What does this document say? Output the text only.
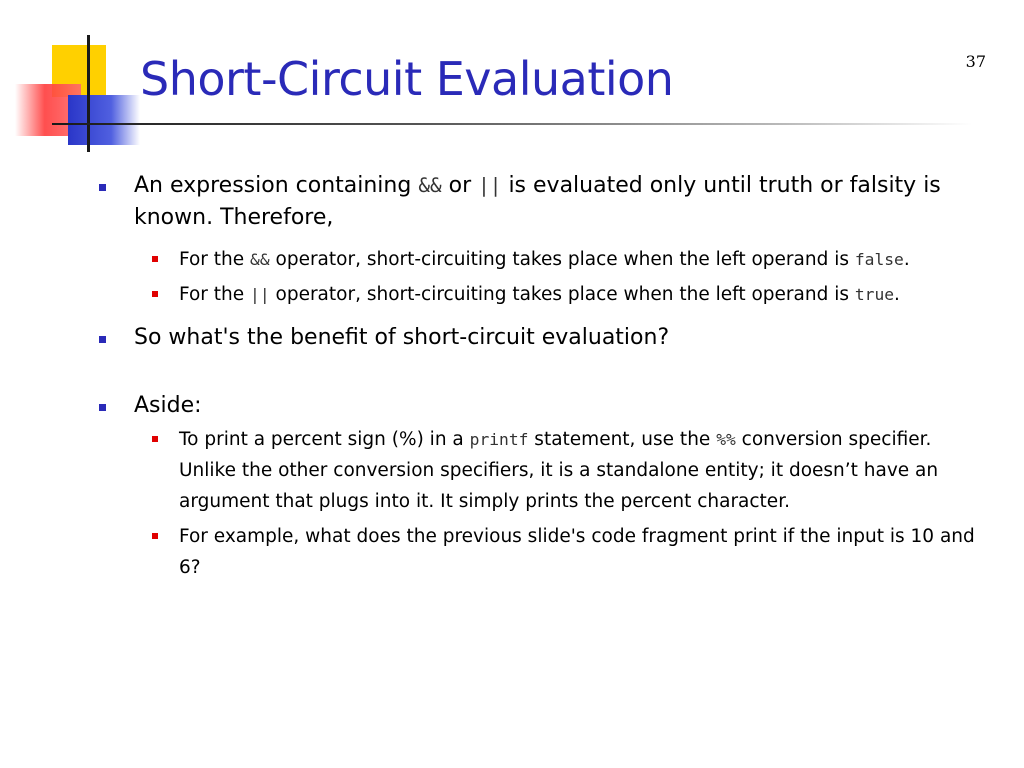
Short-Circuit Evaluation	37
An expression containing && or || is evaluated only until truth or falsity is known. Therefore,
For the && operator, short-circuiting takes place when the left operand is false.
For the || operator, short-circuiting takes place when the left operand is true.
So what's the benefit of short-circuit evaluation?
Aside:
To print a percent sign (%) in a printf statement, use the %% conversion specifier. Unlike the other conversion specifiers, it is a standalone entity; it doesn’t have an argument that plugs into it. It simply prints the percent character.
For example, what does the previous slide's code fragment print if the input is 10 and 6?
